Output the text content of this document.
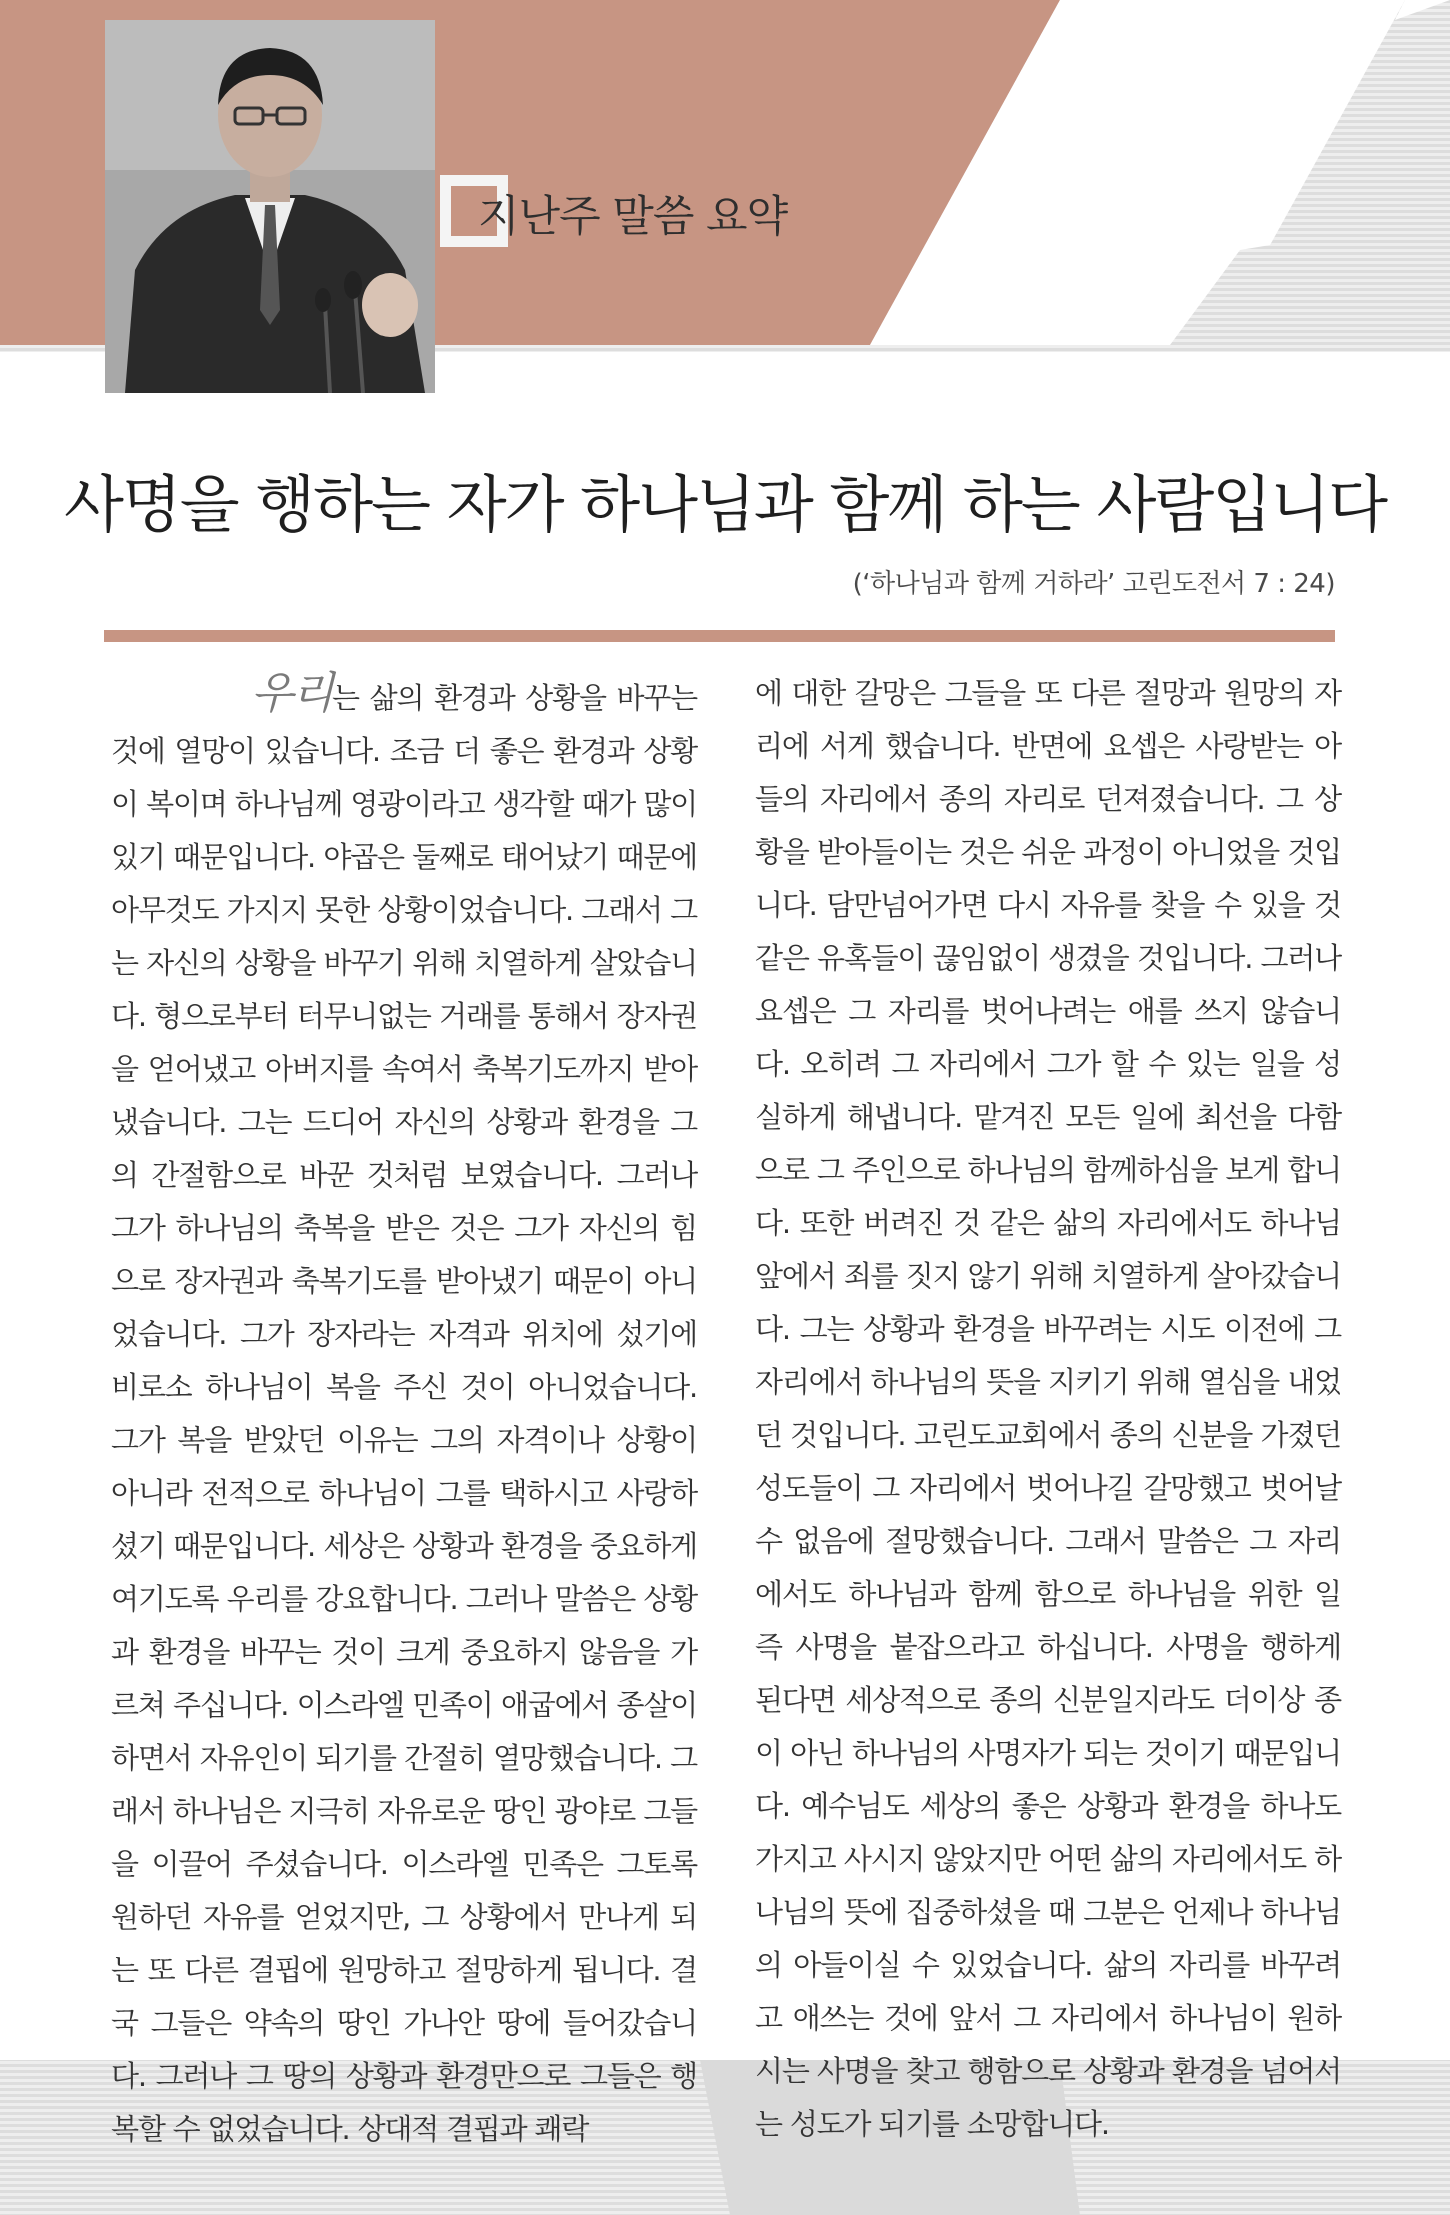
지난주 말씀 요약
사명을 행하는 자가 하나님과 함께 하는 사람입니다
(‘하나님과 함께 거하라’ 고린도전서 7 : 24)
우리는 삶의 환경과 상황을 바꾸는 것에 열망이 있습니다. 조금 더 좋은 환경과 상황이 복이며 하나님께 영광이라고 생각할 때가 많이 있기 때문입니다. 야곱은 둘째로 태어났기 때문에 아무것도 가지지 못한 상황이었습니다. 그래서 그는 자신의 상황을 바꾸기 위해 치열하게 살았습니다. 형으로부터 터무니없는 거래를 통해서 장자권을 얻어냈고 아버지를 속여서 축복기도까지 받아냈습니다. 그는 드디어 자신의 상황과 환경을 그의 간절함으로 바꾼 것처럼 보였습니다. 그러나 그가 하나님의 축복을 받은 것은 그가 자신의 힘으로 장자권과 축복기도를 받아냈기 때문이 아니었습니다. 그가 장자라는 자격과 위치에 섰기에 비로소 하나님이 복을 주신 것이 아니었습니다. 그가 복을 받았던 이유는 그의 자격이나 상황이 아니라 전적으로 하나님이 그를 택하시고 사랑하셨기 때문입니다. 세상은 상황과 환경을 중요하게 여기도록 우리를 강요합니다. 그러나 말씀은 상황과 환경을 바꾸는 것이 크게 중요하지 않음을 가르쳐 주십니다. 이스라엘 민족이 애굽에서 종살이 하면서 자유인이 되기를 간절히 열망했습니다. 그래서 하나님은 지극히 자유로운 땅인 광야로 그들을 이끌어 주셨습니다. 이스라엘 민족은 그토록 원하던 자유를 얻었지만, 그 상황에서 만나게 되는 또 다른 결핍에 원망하고 절망하게 됩니다. 결국 그들은 약속의 땅인 가나안 땅에 들어갔습니다. 그러나 그 땅의 상황과 환경만으로 그들은 행복할 수 없었습니다. 상대적 결핍과 쾌락
에 대한 갈망은 그들을 또 다른 절망과 원망의 자리에 서게 했습니다. 반면에 요셉은 사랑받는 아들의 자리에서 종의 자리로 던져졌습니다. 그 상황을 받아들이는 것은 쉬운 과정이 아니었을 것입니다. 담만넘어가면 다시 자유를 찾을 수 있을 것 같은 유혹들이 끊임없이 생겼을 것입니다. 그러나 요셉은 그 자리를 벗어나려는 애를 쓰지 않습니다. 오히려 그 자리에서 그가 할 수 있는 일을 성실하게 해냅니다. 맡겨진 모든 일에 최선을 다함으로 그 주인으로 하나님의 함께하심을 보게 합니다. 또한 버려진 것 같은 삶의 자리에서도 하나님 앞에서 죄를 짓지 않기 위해 치열하게 살아갔습니다. 그는 상황과 환경을 바꾸려는 시도 이전에 그 자리에서 하나님의 뜻을 지키기 위해 열심을 내었던 것입니다. 고린도교회에서 종의 신분을 가졌던 성도들이 그 자리에서 벗어나길 갈망했고 벗어날 수 없음에 절망했습니다. 그래서 말씀은 그 자리에서도 하나님과 함께 함으로 하나님을 위한 일 즉 사명을 붙잡으라고 하십니다. 사명을 행하게 된다면 세상적으로 종의 신분일지라도 더이상 종이 아닌 하나님의 사명자가 되는 것이기 때문입니다. 예수님도 세상의 좋은 상황과 환경을 하나도 가지고 사시지 않았지만 어떤 삶의 자리에서도 하나님의 뜻에 집중하셨을 때 그분은 언제나 하나님의 아들이실 수 있었습니다. 삶의 자리를 바꾸려고 애쓰는 것에 앞서 그 자리에서 하나님이 원하시는 사명을 찾고 행함으로 상황과 환경을 넘어서는 성도가 되기를 소망합니다.
